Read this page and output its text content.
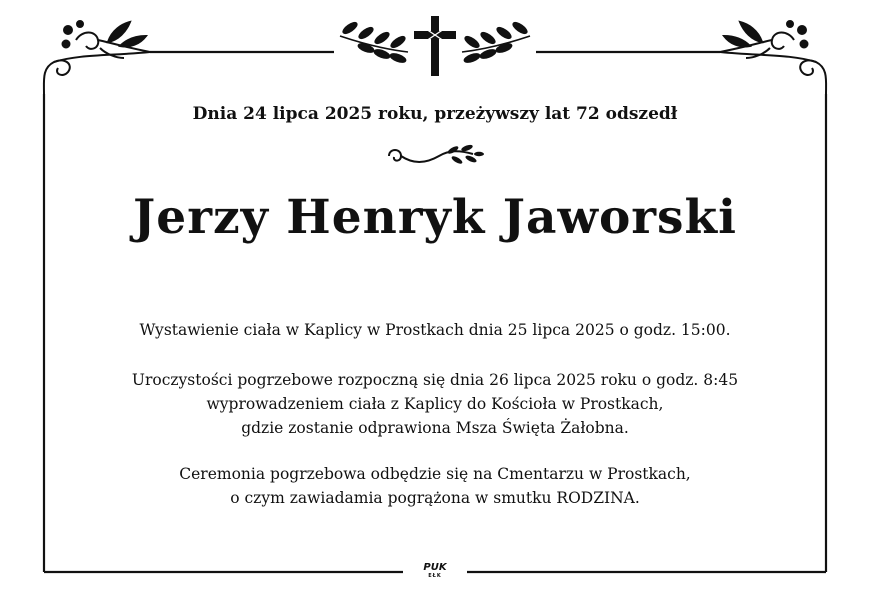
Dnia 24 lipca 2025 roku, przeżywszy lat 72 odszedł
Jerzy Henryk Jaworski
Wystawienie ciała w Kaplicy w Prostkach dnia 25 lipca 2025 o godz. 15:00.
Uroczystości pogrzebowe rozpoczną się dnia 26 lipca 2025 roku o godz. 8:45
wyprowadzeniem ciała z Kaplicy do Kościoła w Prostkach,
gdzie zostanie odprawiona Msza Święta Żałobna.
Ceremonia pogrzebowa odbędzie się na Cmentarzu w Prostkach,
o czym zawiadamia pogrążona w smutku RODZINA.
PUK
EŁK
